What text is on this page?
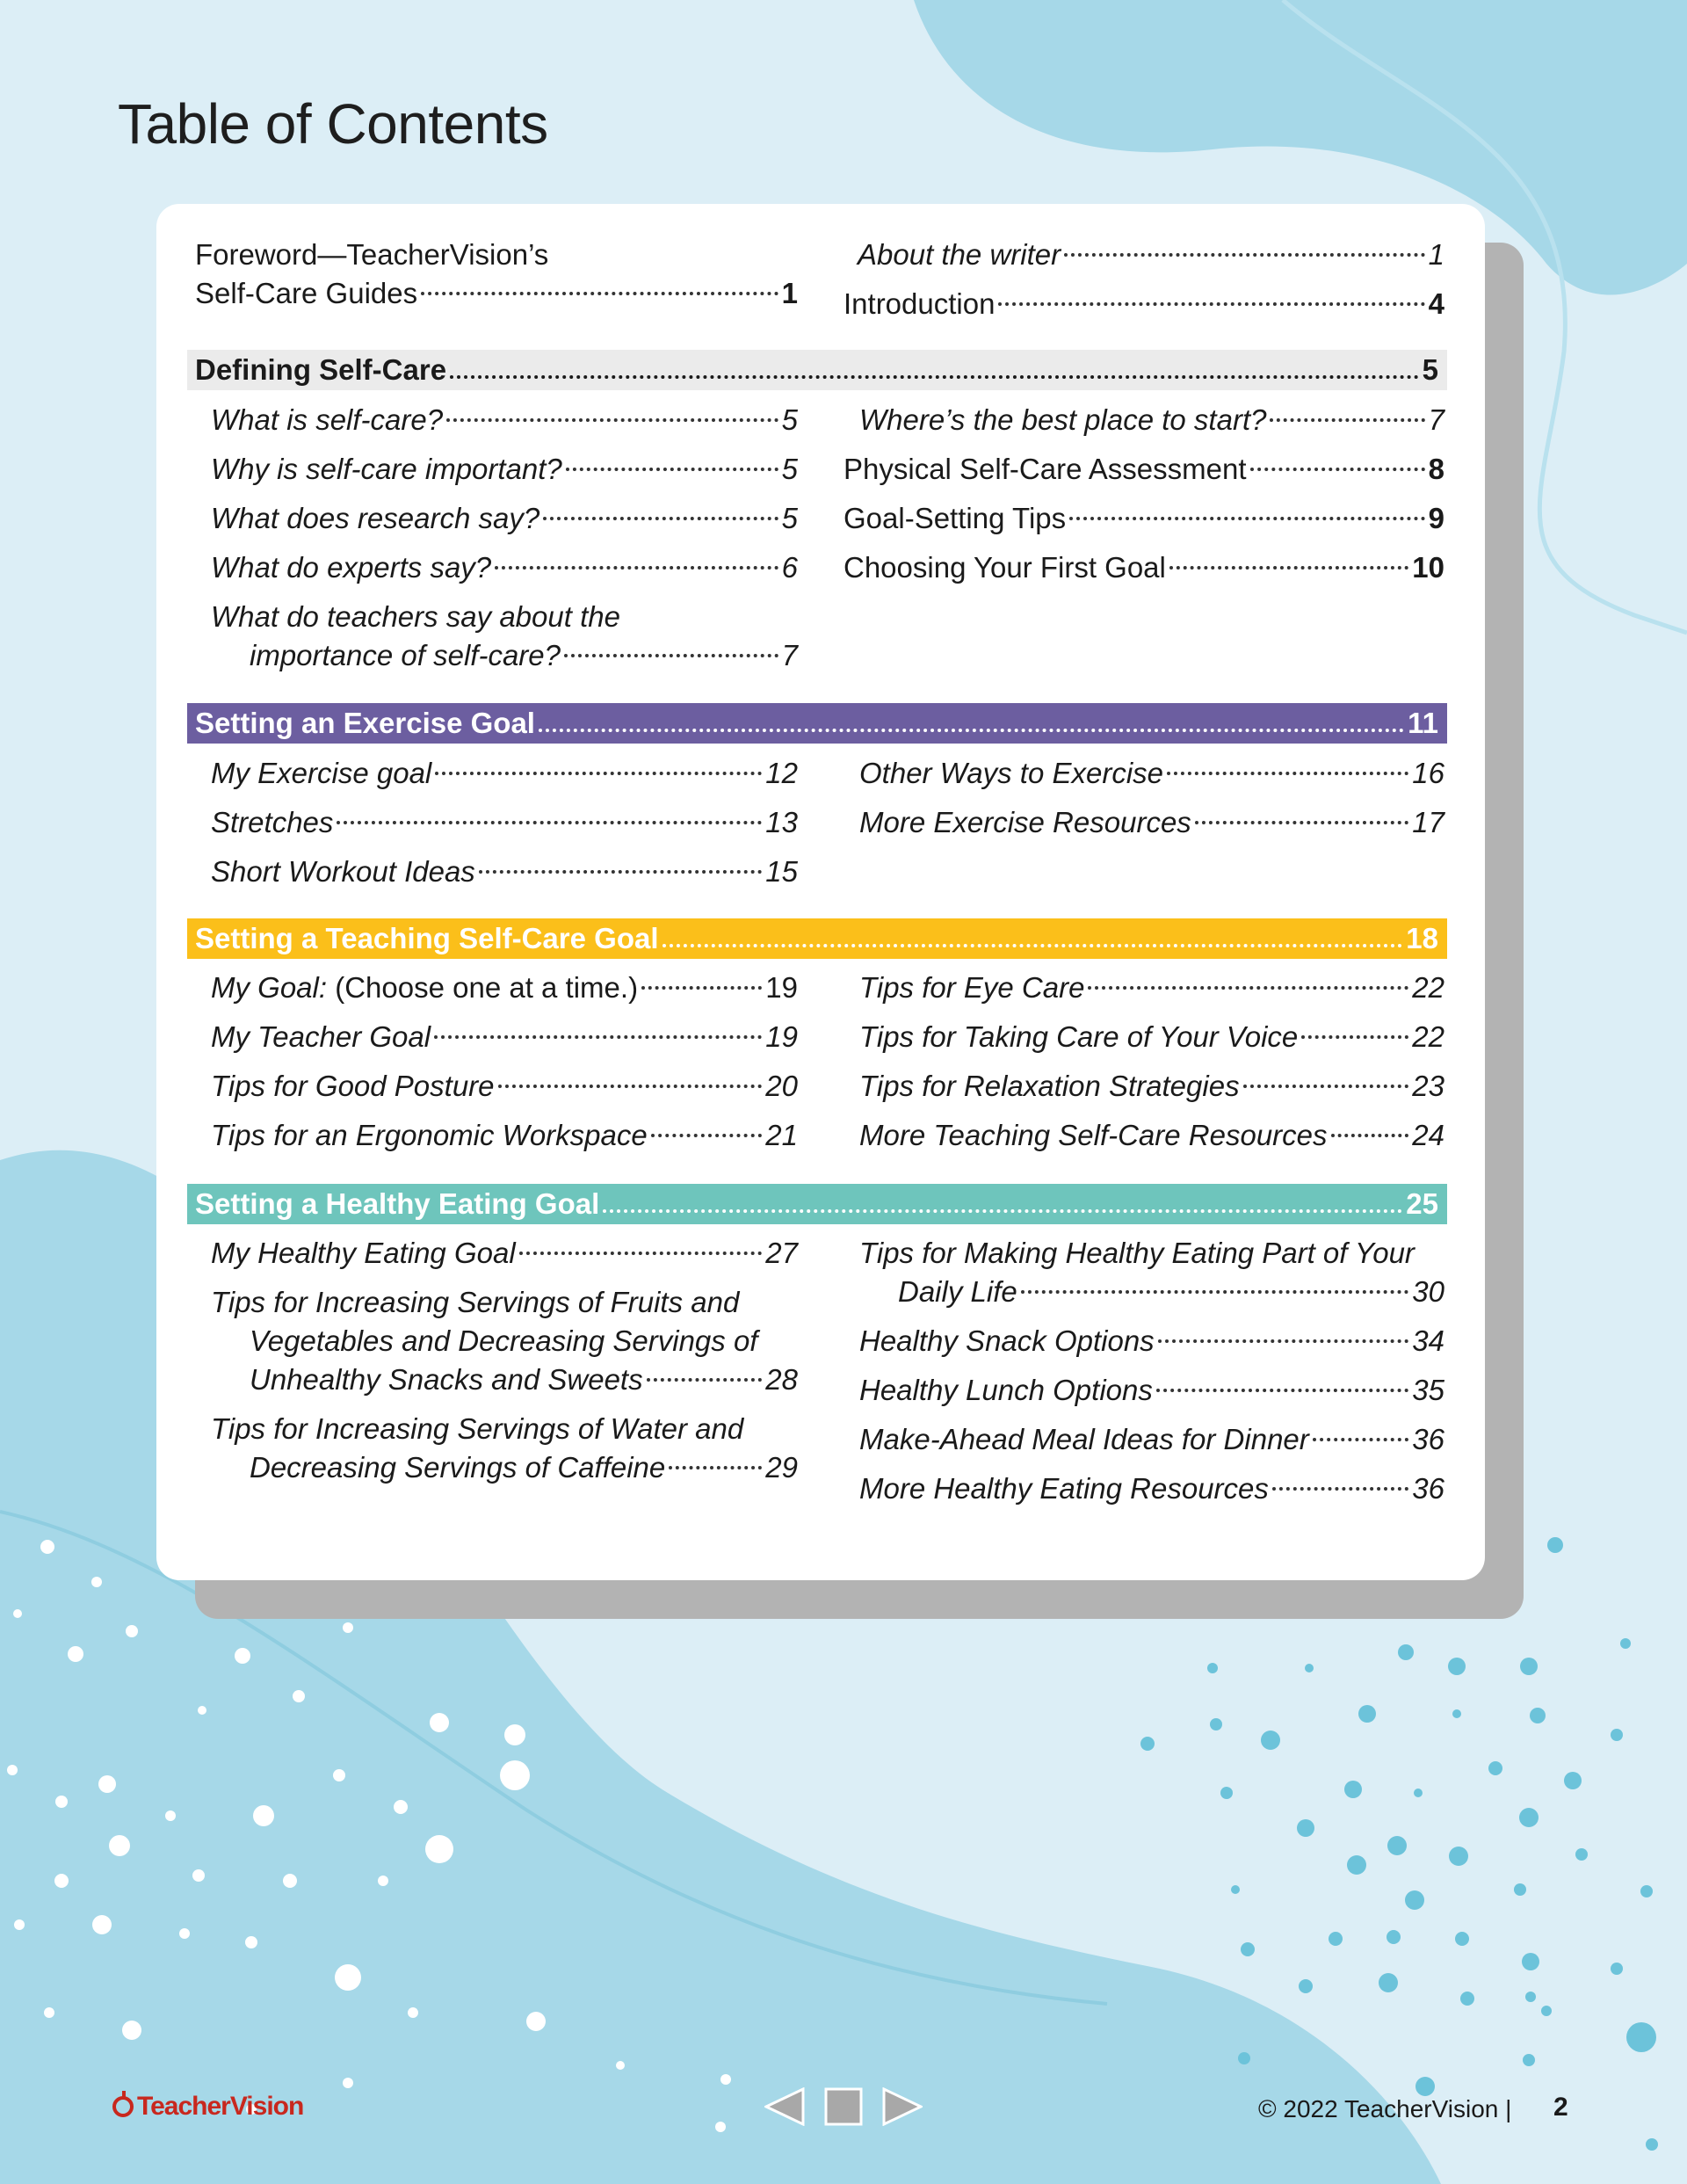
Table of Contents
Foreword—TeacherVision’s
Self-Care Guides	1
About the writer	1
Introduction	4
Defining Self-Care	5
What is self-care?	5
Why is self-care important?	5
What does research say?	5
What do experts say?	6
What do teachers say about the
importance of self-care?	7
Where’s the best place to start?	7
Physical Self-Care Assessment	8
Goal-Setting Tips	9
Choosing Your First Goal	10
Setting an Exercise Goal	11
My Exercise goal	12
Stretches	13
Short Workout Ideas	15
Other Ways to Exercise	16
More Exercise Resources	17
Setting a Teaching Self-Care Goal	18
My Goal: (Choose one at a time.)	19
My Teacher Goal	19
Tips for Good Posture	20
Tips for an Ergonomic Workspace	21
Tips for Eye Care	22
Tips for Taking Care of Your Voice	22
Tips for Relaxation Strategies	23
More Teaching Self-Care Resources	24
Setting a Healthy Eating Goal	25
My Healthy Eating Goal	27
Tips for Increasing Servings of Fruits and
Vegetables and Decreasing Servings of
Unhealthy Snacks and Sweets	28
Tips for Increasing Servings of Water and
Decreasing Servings of Caffeine	29
Tips for Making Healthy Eating Part of Your
Daily Life	30
Healthy Snack Options	34
Healthy Lunch Options	35
Make-Ahead Meal Ideas for Dinner	36
More Healthy Eating Resources	36
TeacherVision	© 2022 TeacherVision | 2
